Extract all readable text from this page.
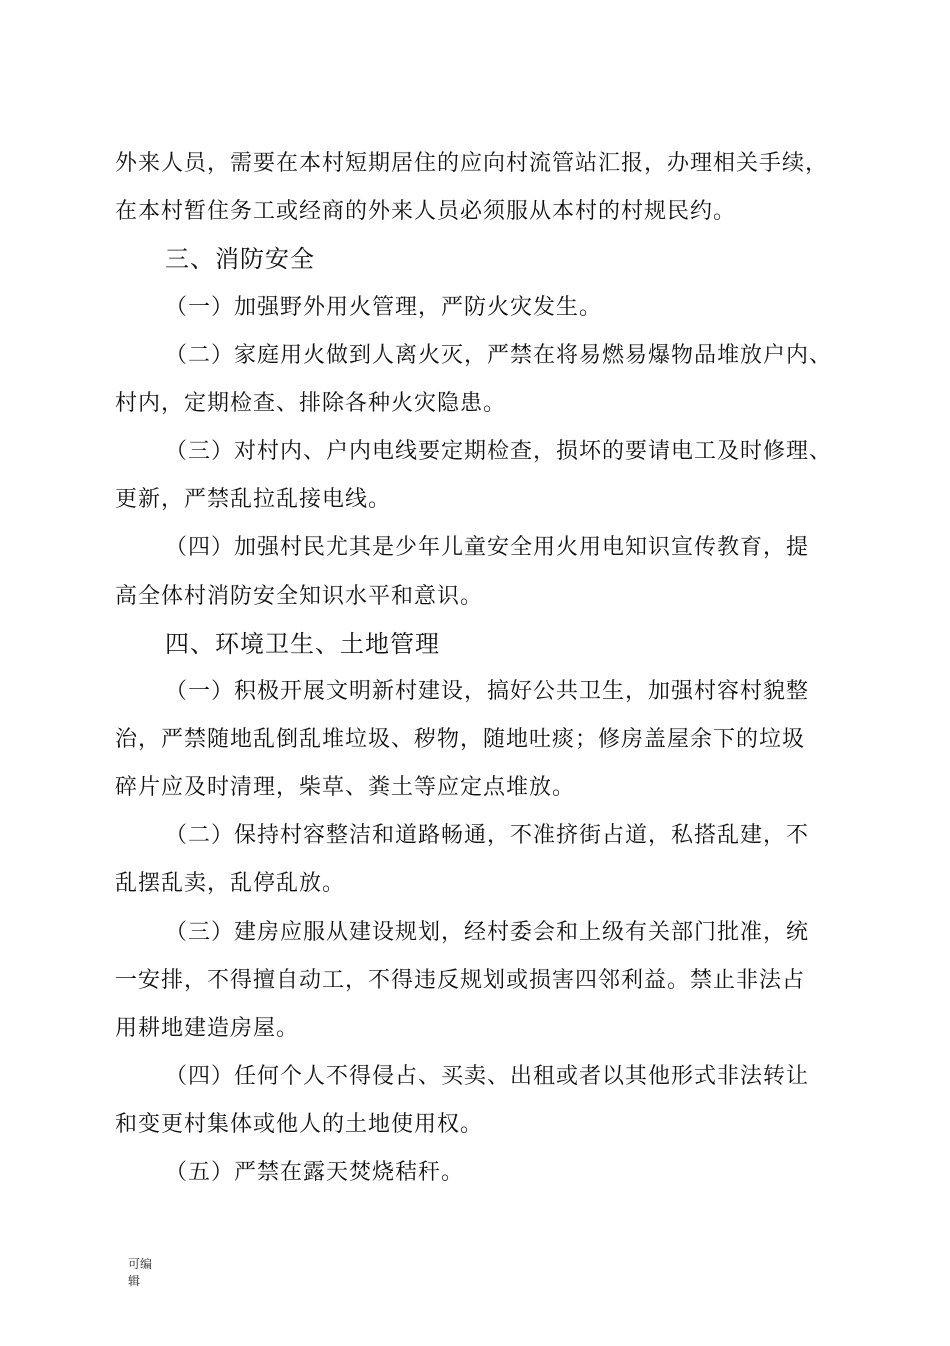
外来人员，需要在本村短期居住的应向村流管站汇报，办理相关手续，
在本村暂住务工或经商的外来人员必须服从本村的村规民约。
三、消防安全
（一）加强野外用火管理，严防火灾发生。
（二）家庭用火做到人离火灭，严禁在将易燃易爆物品堆放户内、
村内，定期检查、排除各种火灾隐患。
（三）对村内、户内电线要定期检查，损坏的要请电工及时修理、
更新，严禁乱拉乱接电线。
（四）加强村民尤其是少年儿童安全用火用电知识宣传教育，提
高全体村消防安全知识水平和意识。
四、环境卫生、土地管理
（一）积极开展文明新村建设，搞好公共卫生，加强村容村貌整
治，严禁随地乱倒乱堆垃圾、秽物，随地吐痰；修房盖屋余下的垃圾
碎片应及时清理，柴草、粪土等应定点堆放。
（二）保持村容整洁和道路畅通，不准挤街占道，私搭乱建，不
乱摆乱卖，乱停乱放。
（三）建房应服从建设规划，经村委会和上级有关部门批准，统
一安排，不得擅自动工，不得违反规划或损害四邻利益。禁止非法占
用耕地建造房屋。
（四）任何个人不得侵占、买卖、出租或者以其他形式非法转让
和变更村集体或他人的土地使用权。
（五）严禁在露天焚烧秸秆。
可编
辑
